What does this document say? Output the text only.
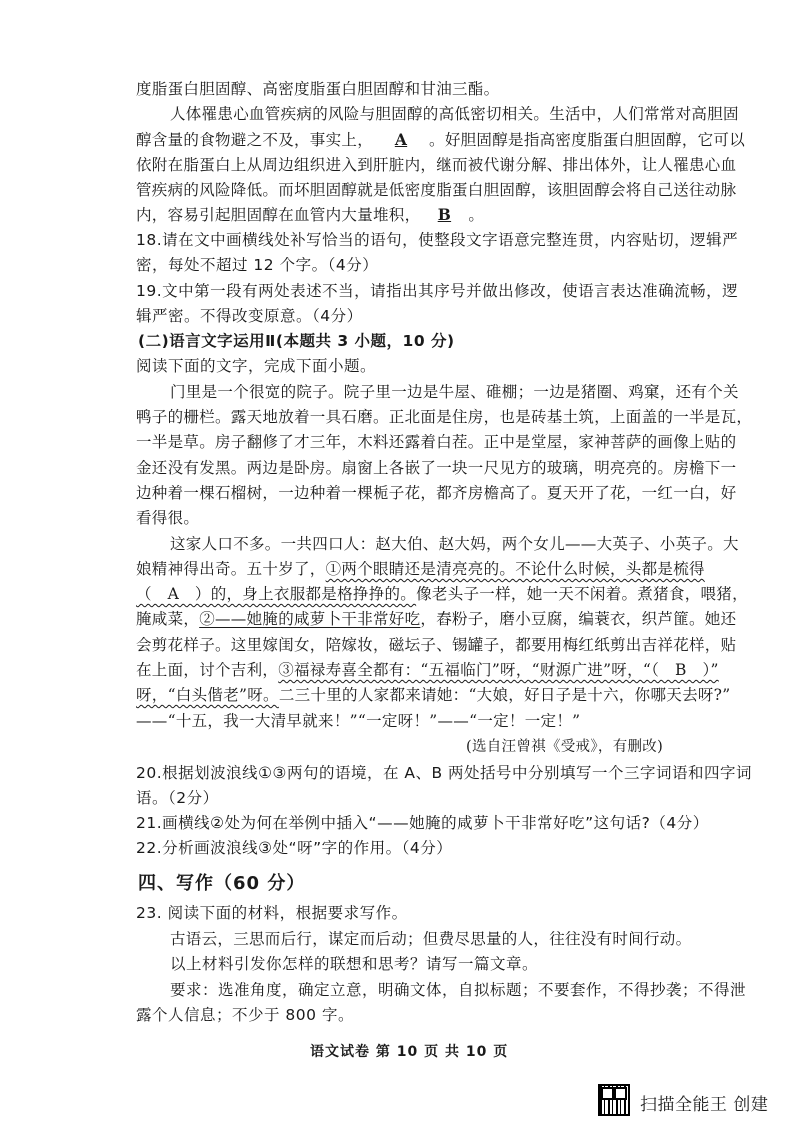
度脂蛋白胆固醇、高密度脂蛋白胆固醇和甘油三酯。
人体罹患心血管疾病的风险与胆固醇的高低密切相关。生活中，人们常常对高胆固
醇含量的食物避之不及，事实上， A 。好胆固醇是指高密度脂蛋白胆固醇，它可以
依附在脂蛋白上从周边组织进入到肝脏内，继而被代谢分解、排出体外，让人罹患心血
管疾病的风险降低。而坏胆固醇就是低密度脂蛋白胆固醇，该胆固醇会将自己送往动脉
内，容易引起胆固醇在血管内大量堆积， B 。
18.请在文中画横线处补写恰当的语句，使整段文字语意完整连贯，内容贴切，逻辑严
密，每处不超过 12 个字。（4分）
19.文中第一段有两处表述不当，请指出其序号并做出修改，使语言表达准确流畅，逻
辑严密。不得改变原意。（4分）
(二)语言文字运用Ⅱ(本题共 3 小题，10 分)
阅读下面的文字，完成下面小题。
门里是一个很宽的院子。院子里一边是牛屋、碓棚；一边是猪圈、鸡窠，还有个关
鸭子的栅栏。露天地放着一具石磨。正北面是住房，也是砖基土筑，上面盖的一半是瓦，
一半是草。房子翻修了才三年，木料还露着白茬。正中是堂屋，家神菩萨的画像上贴的
金还没有发黑。两边是卧房。扇窗上各嵌了一块一尺见方的玻璃，明亮亮的。房檐下一
边种着一棵石榴树，一边种着一棵栀子花，都齐房檐高了。夏天开了花，一红一白，好
看得很。
这家人口不多。一共四口人：赵大伯、赵大妈，两个女儿——大英子、小英子。大
娘精神得出奇。五十岁了，①两个眼睛还是清亮亮的。不论什么时候，头都是梳得
（　A　）的，身上衣服都是格挣挣的。像老头子一样，她一天不闲着。煮猪食，喂猪，
腌咸菜，②——她腌的咸萝卜干非常好吃，舂粉子，磨小豆腐，编蓑衣，织芦篚。她还
会剪花样子。这里嫁闺女，陪嫁妆，磁坛子、锡罐子，都要用梅红纸剪出吉祥花样，贴
在上面，讨个吉利，③福禄寿喜全都有：“五福临门”呀，“财源广进”呀，“（　B　）”
呀，“白头偕老”呀。二三十里的人家都来请她：“大娘，好日子是十六，你哪天去呀?”
——“十五，我一大清早就来！”“一定呀！”——“一定！一定！”
(选自汪曾祺《受戒》，有删改)
20.根据划波浪线①③两句的语境，在 A、B 两处括号中分别填写一个三字词语和四字词
语。（2分）
21.画横线②处为何在举例中插入“——她腌的咸萝卜干非常好吃”这句话?（4分）
22.分析画波浪线③处“呀”字的作用。（4分）
四、写作（60 分）
23. 阅读下面的材料，根据要求写作。
古语云，三思而后行，谋定而后动；但费尽思量的人，往往没有时间行动。
以上材料引发你怎样的联想和思考？请写一篇文章。
要求：选准角度，确定立意，明确文体，自拟标题；不要套作，不得抄袭；不得泄
露个人信息；不少于 800 字。
语文试卷 第 10 页 共 10 页
扫描全能王 创建
